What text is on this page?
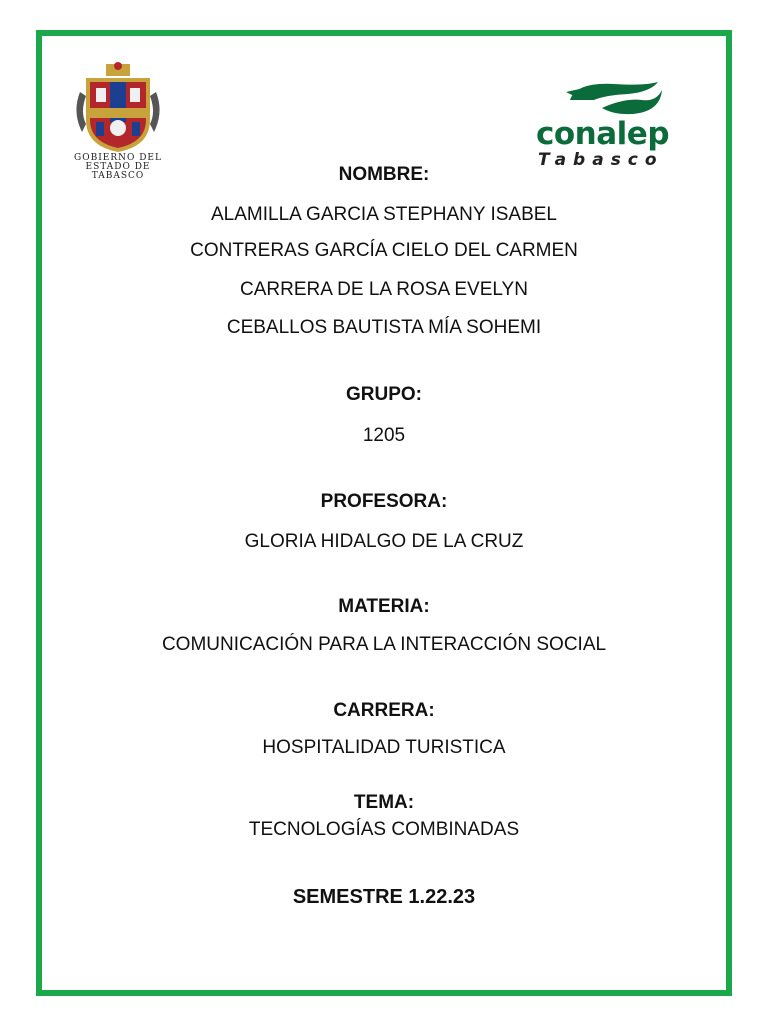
GOBIERNO DEL
ESTADO DE
TABASCO
conalep
Tabasco
NOMBRE:
ALAMILLA GARCIA STEPHANY ISABEL
CONTRERAS GARCÍA CIELO DEL CARMEN
CARRERA DE LA ROSA EVELYN
CEBALLOS BAUTISTA MÍA SOHEMI
GRUPO:
1205
PROFESORA:
GLORIA HIDALGO DE LA CRUZ
MATERIA:
COMUNICACIÓN PARA LA INTERACCIÓN SOCIAL
CARRERA:
HOSPITALIDAD TURISTICA
TEMA:
TECNOLOGÍAS COMBINADAS
SEMESTRE 1.22.23
